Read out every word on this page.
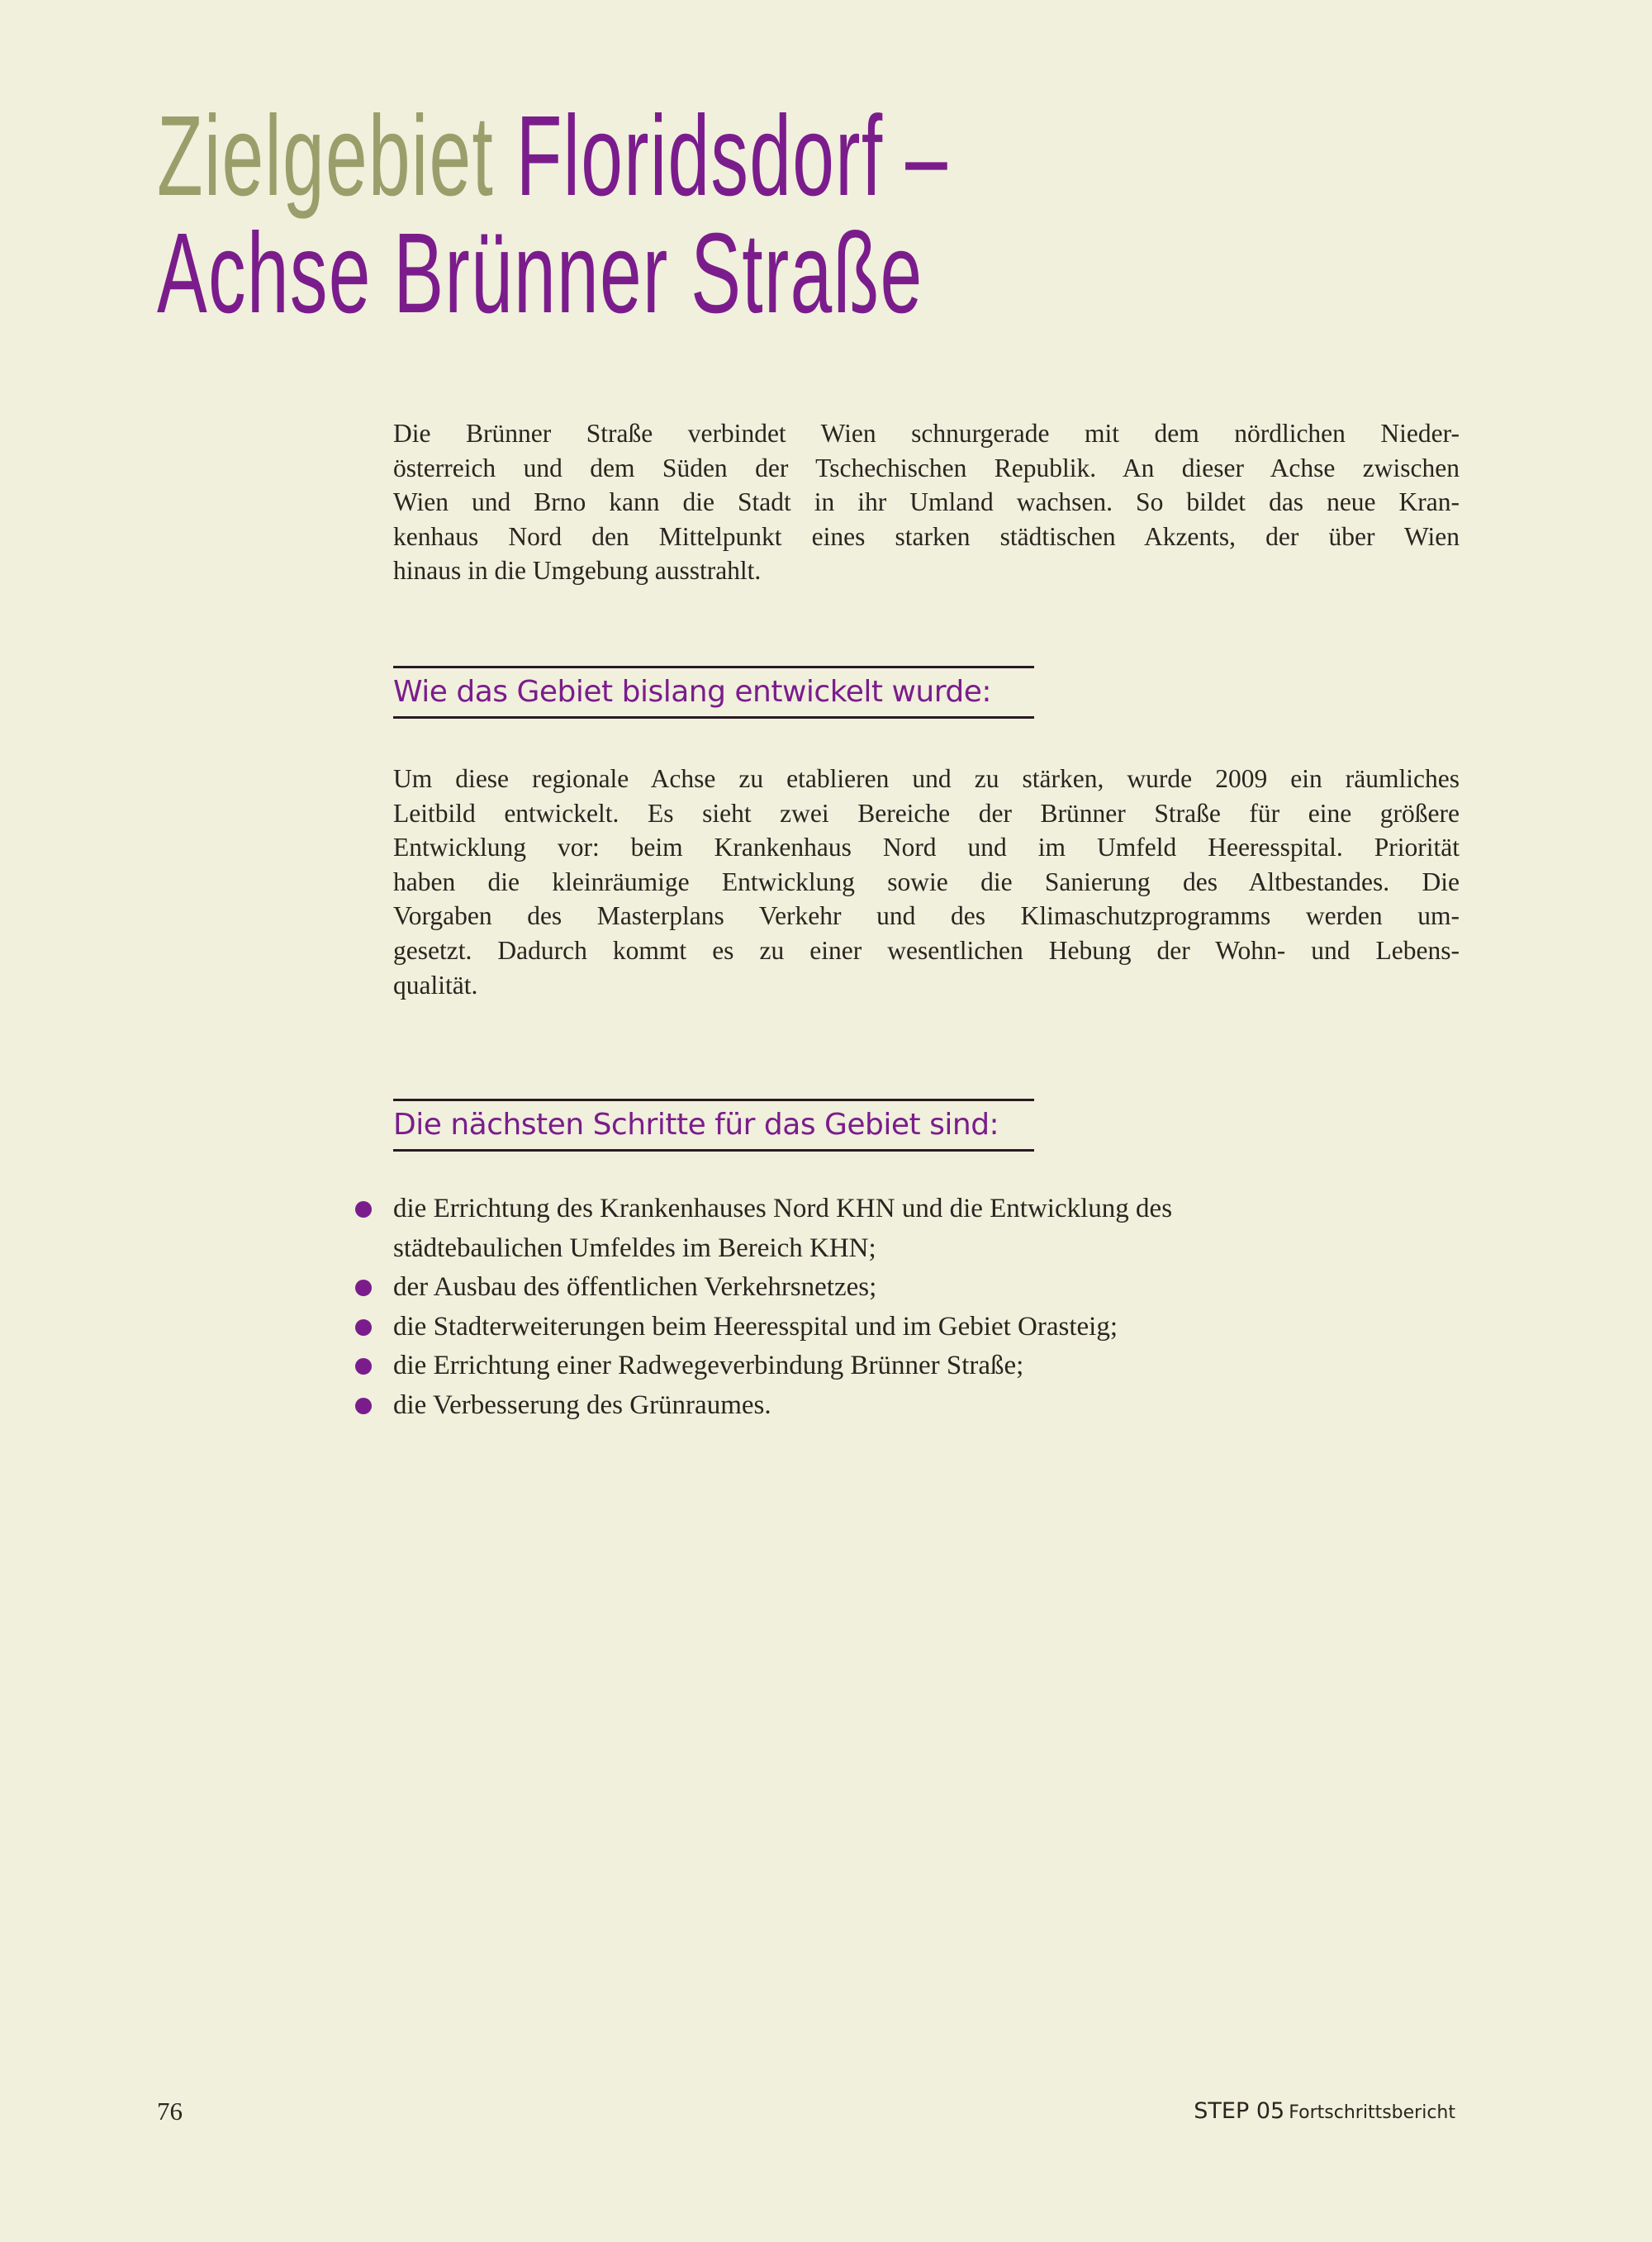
Zielgebiet Floridsdorf –
Achse Brünner Straße
Die Brünner Straße verbindet Wien schnurgerade mit dem nördlichen Nieder-
österreich und dem Süden der Tschechischen Republik. An dieser Achse zwischen
Wien und Brno kann die Stadt in ihr Umland wachsen. So bildet das neue Kran-
kenhaus Nord den Mittelpunkt eines starken städtischen Akzents, der über Wien
hinaus in die Umgebung ausstrahlt.
Wie das Gebiet bislang entwickelt wurde:
Um diese regionale Achse zu etablieren und zu stärken, wurde 2009 ein räumliches
Leitbild entwickelt. Es sieht zwei Bereiche der Brünner Straße für eine größere
Entwicklung vor: beim Krankenhaus Nord und im Umfeld Heeresspital. Priorität
haben die kleinräumige Entwicklung sowie die Sanierung des Altbestandes. Die
Vorgaben des Masterplans Verkehr und des Klimaschutzprogramms werden um-
gesetzt. Dadurch kommt es zu einer wesentlichen Hebung der Wohn- und Lebens-
qualität.
Die nächsten Schritte für das Gebiet sind:
die Errichtung des Krankenhauses Nord KHN und die Entwicklung des
städtebaulichen Umfeldes im Bereich KHN;
der Ausbau des öffentlichen Verkehrsnetzes;
die Stadterweiterungen beim Heeresspital und im Gebiet Orasteig;
die Errichtung einer Radwegeverbindung Brünner Straße;
die Verbesserung des Grünraumes.
76	STEP 05 Fortschrittsbericht
